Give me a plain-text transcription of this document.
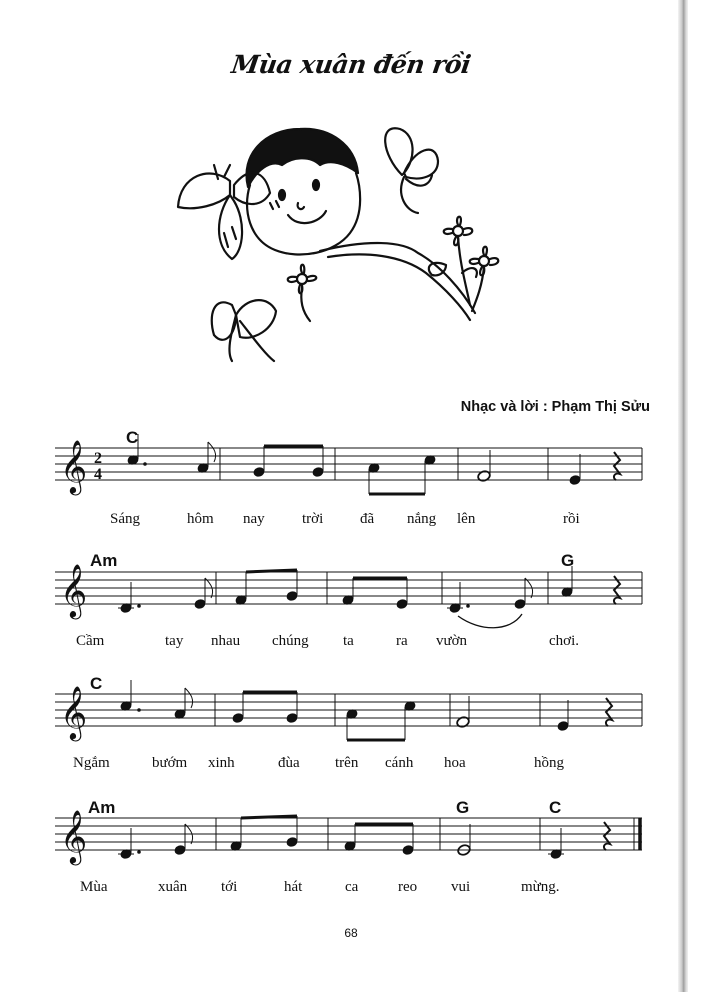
Mùa xuân đến rồi
Nhạc và lời : Phạm Thị Sửu
𝄞 2
4
𝄞
𝄞
𝄞
C
Am	G
C
Am	G	C
Sáng	hôm nay trời đã nắng lên	rồi
Cầm	tay nhau chúng ta	ra vườn	chơi.
Ngắm	bướm xinh	đùa trên cánh hoa	hồng
Mùa	xuân tới	hát	ca	reo vui	mừng.
68
